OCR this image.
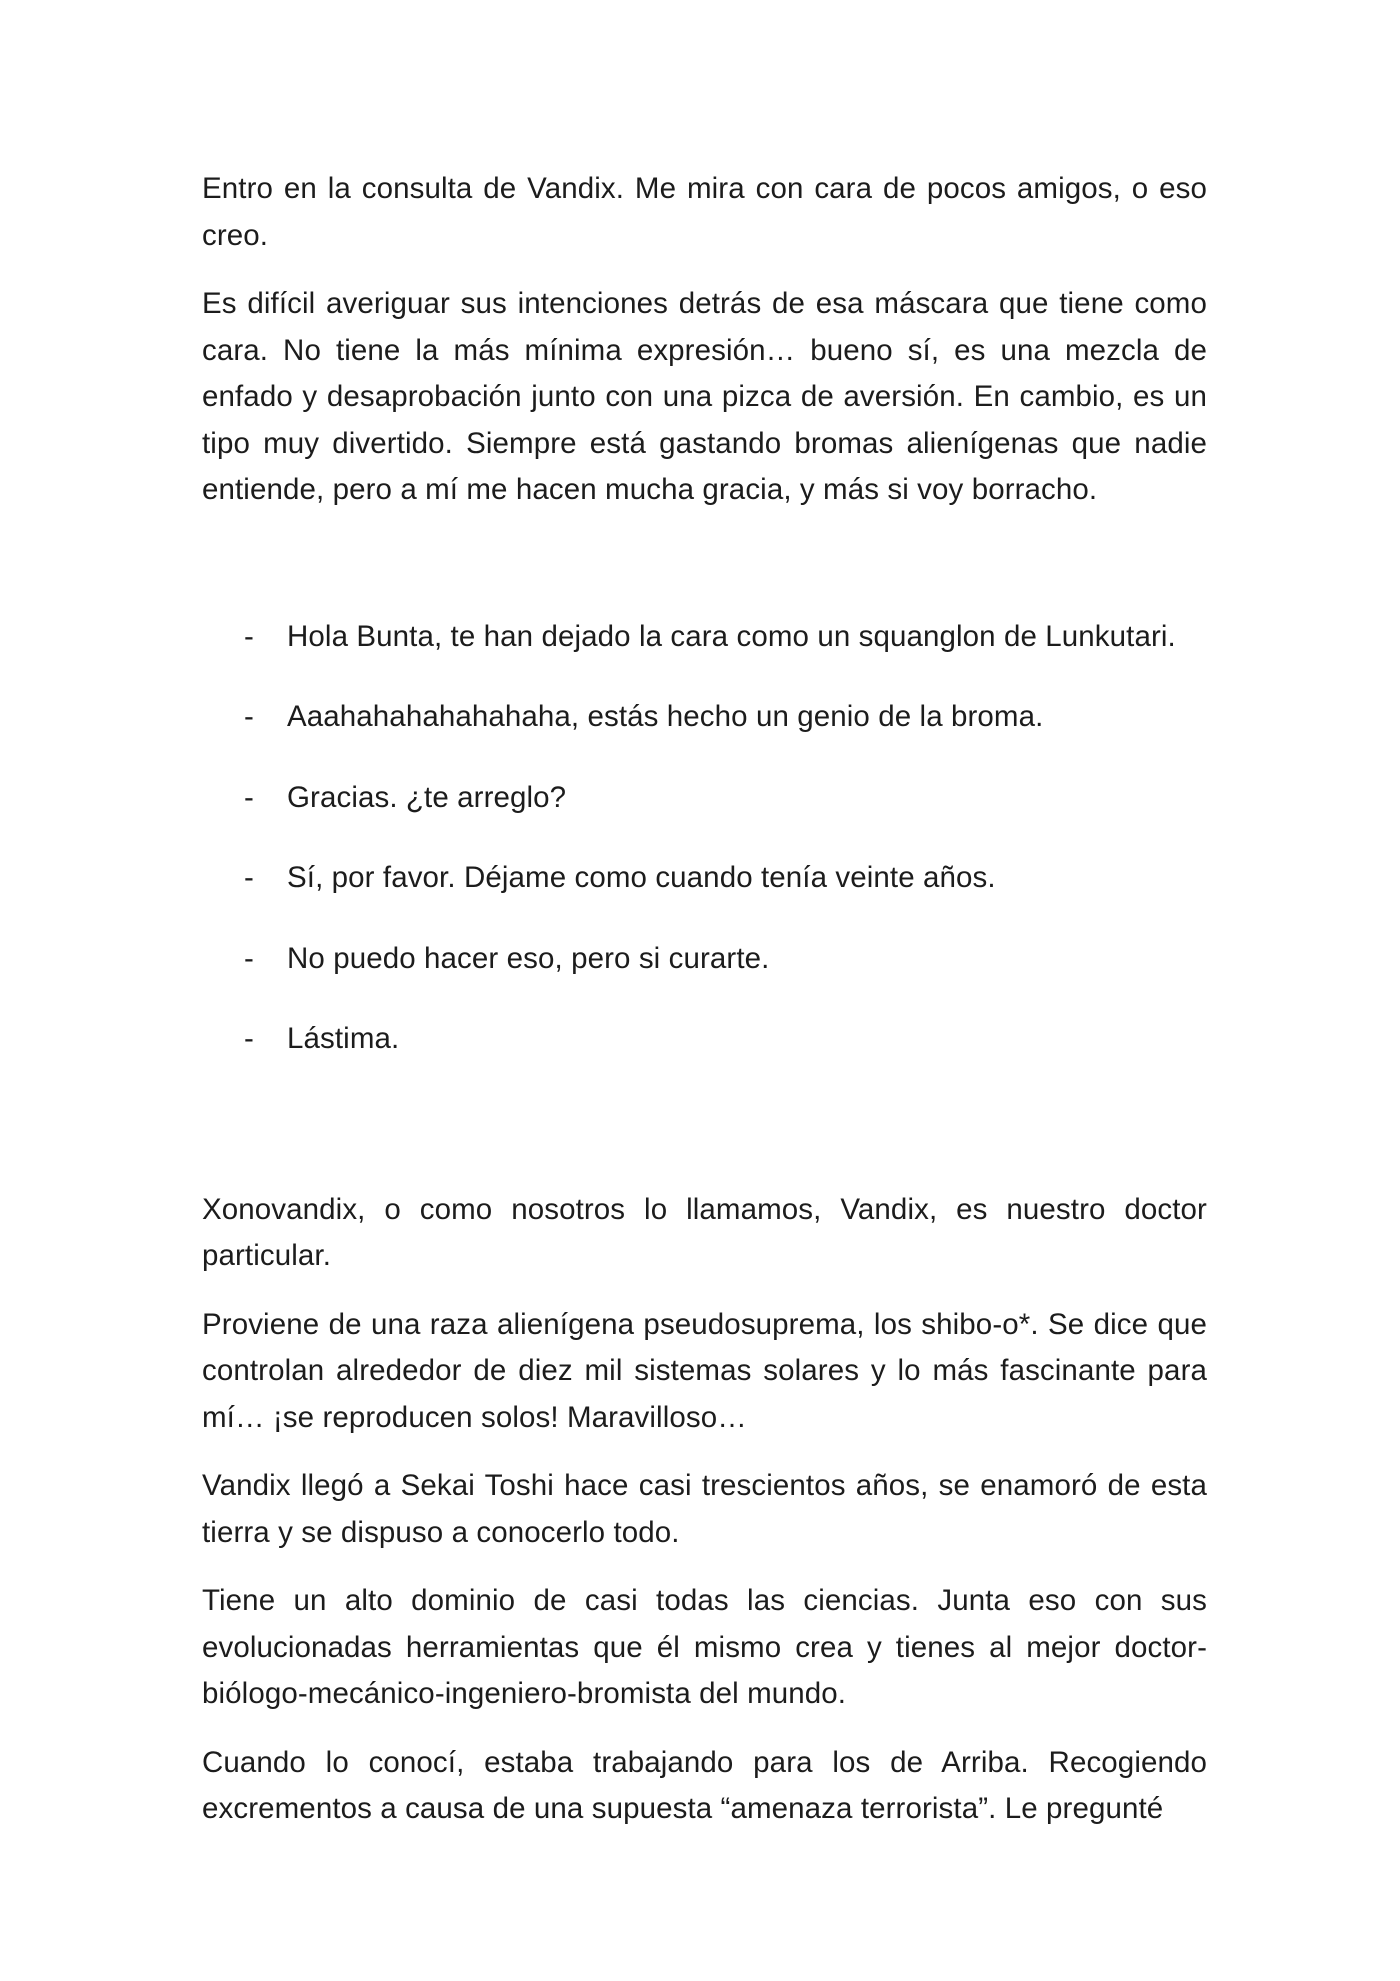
Entro en la consulta de Vandix. Me mira con cara de pocos amigos, o eso creo.

Es difícil averiguar sus intenciones detrás de esa máscara que tiene como cara. No tiene la más mínima expresión… bueno sí, es una mezcla de enfado y desaprobación junto con una pizca de aversión. En cambio, es un tipo muy divertido. Siempre está gastando bromas alienígenas que nadie entiende, pero a mí me hacen mucha gracia, y más si voy borracho.

- Hola Bunta, te han dejado la cara como un squanglon de Lunkutari.
- Aaahahahahahahaha, estás hecho un genio de la broma.
- Gracias. ¿te arreglo?
- Sí, por favor. Déjame como cuando tenía veinte años.
- No puedo hacer eso, pero si curarte.
- Lástima.

Xonovandix, o como nosotros lo llamamos, Vandix, es nuestro doctor particular.

Proviene de una raza alienígena pseudosuprema, los shibo-o*. Se dice que controlan alrededor de diez mil sistemas solares y lo más fascinante para mí… ¡se reproducen solos! Maravilloso…

Vandix llegó a Sekai Toshi hace casi trescientos años, se enamoró de esta tierra y se dispuso a conocerlo todo.

Tiene un alto dominio de casi todas las ciencias. Junta eso con sus evolucionadas herramientas que él mismo crea y tienes al mejor doctor-biólogo-mecánico-ingeniero-bromista del mundo.

Cuando lo conocí, estaba trabajando para los de Arriba. Recogiendo excrementos a causa de una supuesta “amenaza terrorista”. Le pregunté
